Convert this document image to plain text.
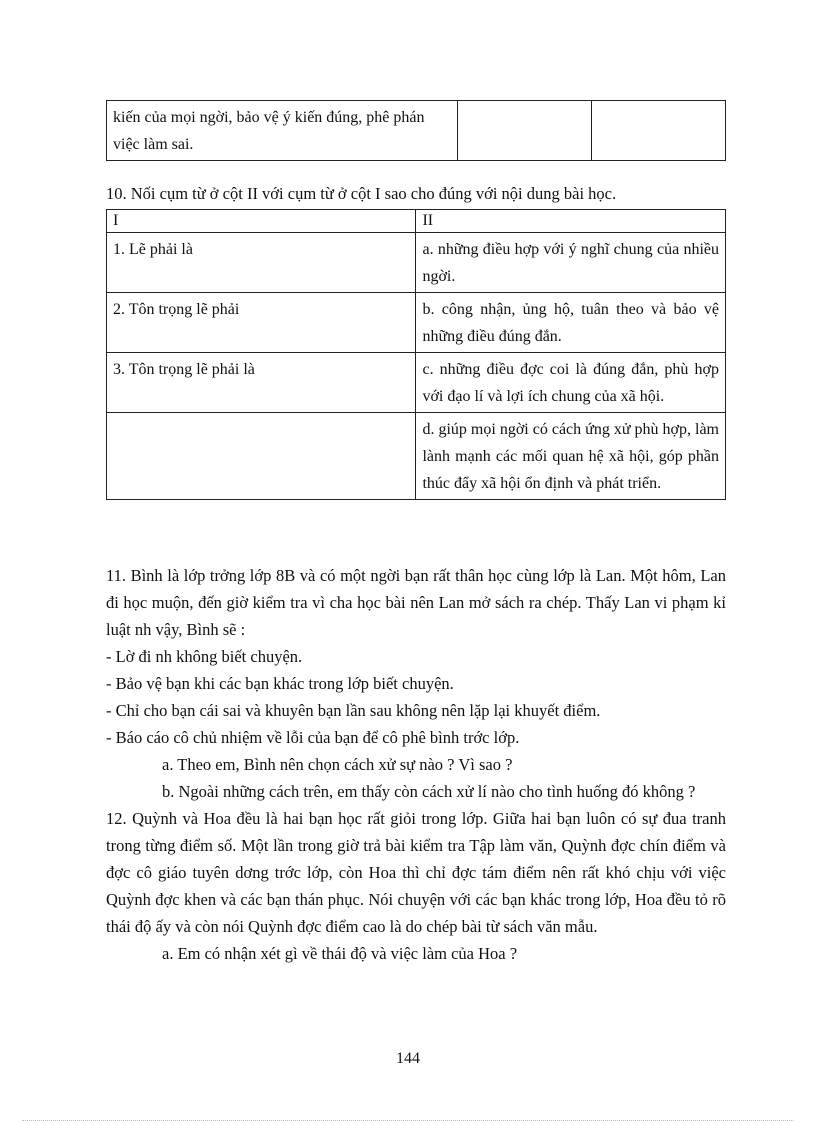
kiến của mọi ngời, bảo vệ ý kiến đúng, phê phán việc làm sai.		
10. Nối cụm từ ở cột II với cụm từ ở cột I sao cho đúng với nội dung bài học.
I	II
1. Lẽ phải là	a. những điều hợp với ý nghĩ chung của nhiều ngời.
2. Tôn trọng lẽ phải	b. công nhận, ủng hộ, tuân theo và bảo vệ những điều đúng đắn.
3. Tôn trọng lẽ phải là	c. những điều đợc coi là đúng đắn, phù hợp với đạo lí và lợi ích chung của xã hội.
	d. giúp mọi ngời có cách ứng xử phù hợp, làm lành mạnh các mối quan hệ xã hội, góp phần thúc đẩy xã hội ổn định và phát triển.

11. Bình là lớp trởng lớp 8B và có một ngời bạn rất thân học cùng lớp là Lan. Một hôm, Lan đi học muộn, đến giờ kiểm tra vì cha học bài nên Lan mở sách ra chép. Thấy Lan vi phạm kỉ luật nh vậy, Bình sẽ :

- Lờ đi nh không biết chuyện.

- Bảo vệ bạn khi các bạn khác trong lớp biết chuyện.

- Chỉ cho bạn cái sai và khuyên bạn lần sau không nên lặp lại khuyết điểm.

- Báo cáo cô chủ nhiệm về lỗi của bạn để cô phê bình trớc lớp.

a. Theo em, Bình nên chọn cách xử sự nào ? Vì sao ?

b. Ngoài những cách trên, em thấy còn cách xử lí nào cho tình huống đó không ?

12. Quỳnh và Hoa đều là hai bạn học rất giỏi trong lớp. Giữa hai bạn luôn có sự đua tranh trong từng điểm số. Một lần trong giờ trả bài kiểm tra Tập làm văn, Quỳnh đợc chín điểm và đợc cô giáo tuyên dơng trớc lớp, còn Hoa thì chỉ đợc tám điểm nên rất khó chịu với việc Quỳnh đợc khen và các bạn thán phục. Nói chuyện với các bạn khác trong lớp, Hoa đều tỏ rõ thái độ ấy và còn nói Quỳnh đợc điểm cao là do chép bài từ sách văn mẫu.

a. Em có nhận xét gì về thái độ và việc làm của Hoa ?

144
